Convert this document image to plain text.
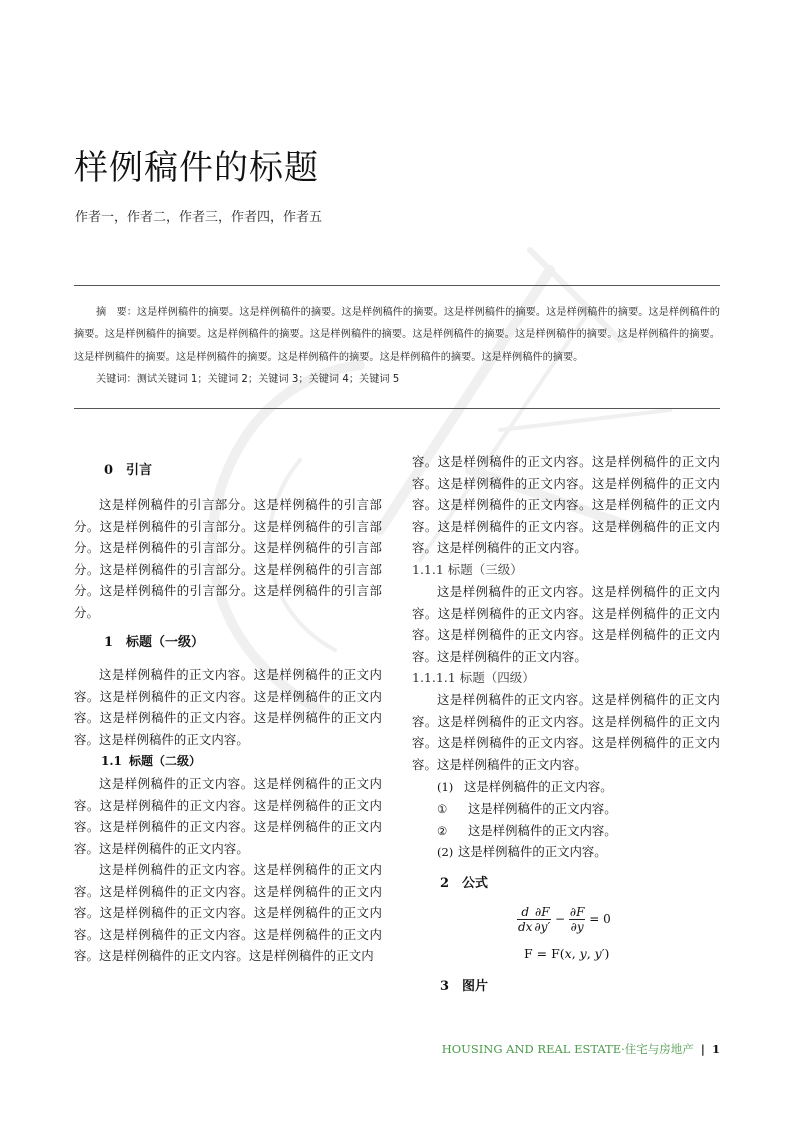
样例稿件的标题
作者一，作者二，作者三，作者四，作者五

摘　要：这是样例稿件的摘要。这是样例稿件的摘要。这是样例稿件的摘要。这是样例稿件的摘要。这是样例稿件的摘要。这是样例稿件的摘要。这是样例稿件的摘要。这是样例稿件的摘要。这是样例稿件的摘要。这是样例稿件的摘要。这是样例稿件的摘要。这是样例稿件的摘要。这是样例稿件的摘要。这是样例稿件的摘要。这是样例稿件的摘要。这是样例稿件的摘要。这是样例稿件的摘要。

关键词：测试关键词 1；关键词 2；关键词 3；关键词 4；关键词 5

0 引言

这是样例稿件的引言部分。这是样例稿件的引言部分。这是样例稿件的引言部分。这是样例稿件的引言部分。这是样例稿件的引言部分。这是样例稿件的引言部分。这是样例稿件的引言部分。这是样例稿件的引言部分。这是样例稿件的引言部分。这是样例稿件的引言部分。

1 标题（一级）

这是样例稿件的正文内容。这是样例稿件的正文内容。这是样例稿件的正文内容。这是样例稿件的正文内容。这是样例稿件的正文内容。这是样例稿件的正文内容。这是样例稿件的正文内容。

1.1 标题（二级）

这是样例稿件的正文内容。这是样例稿件的正文内容。这是样例稿件的正文内容。这是样例稿件的正文内容。这是样例稿件的正文内容。这是样例稿件的正文内容。这是样例稿件的正文内容。

这是样例稿件的正文内容。这是样例稿件的正文内容。这是样例稿件的正文内容。这是样例稿件的正文内容。这是样例稿件的正文内容。这是样例稿件的正文内容。这是样例稿件的正文内容。这是样例稿件的正文内容。这是样例稿件的正文内容。这是样例稿件的正文内

容。这是样例稿件的正文内容。这是样例稿件的正文内容。这是样例稿件的正文内容。这是样例稿件的正文内容。这是样例稿件的正文内容。这是样例稿件的正文内容。这是样例稿件的正文内容。这是样例稿件的正文内容。这是样例稿件的正文内容。

1.1.1 标题（三级）

这是样例稿件的正文内容。这是样例稿件的正文内容。这是样例稿件的正文内容。这是样例稿件的正文内容。这是样例稿件的正文内容。这是样例稿件的正文内容。这是样例稿件的正文内容。

1.1.1.1 标题（四级）

这是样例稿件的正文内容。这是样例稿件的正文内容。这是样例稿件的正文内容。这是样例稿件的正文内容。这是样例稿件的正文内容。这是样例稿件的正文内容。这是样例稿件的正文内容。

(1) 这是样例稿件的正文内容。
① 这是样例稿件的正文内容。
② 这是样例稿件的正文内容。
(2) 这是样例稿件的正文内容。
2 公式
$\frac{d}{dx} \frac{\partial F}{\partial y'} - \frac{\partial F}{\partial y} = 0$
F = F(𝑥, 𝑦, 𝑦′)
3 图片
HOUSING AND REAL ESTATE·住宅与房地产 | 1
